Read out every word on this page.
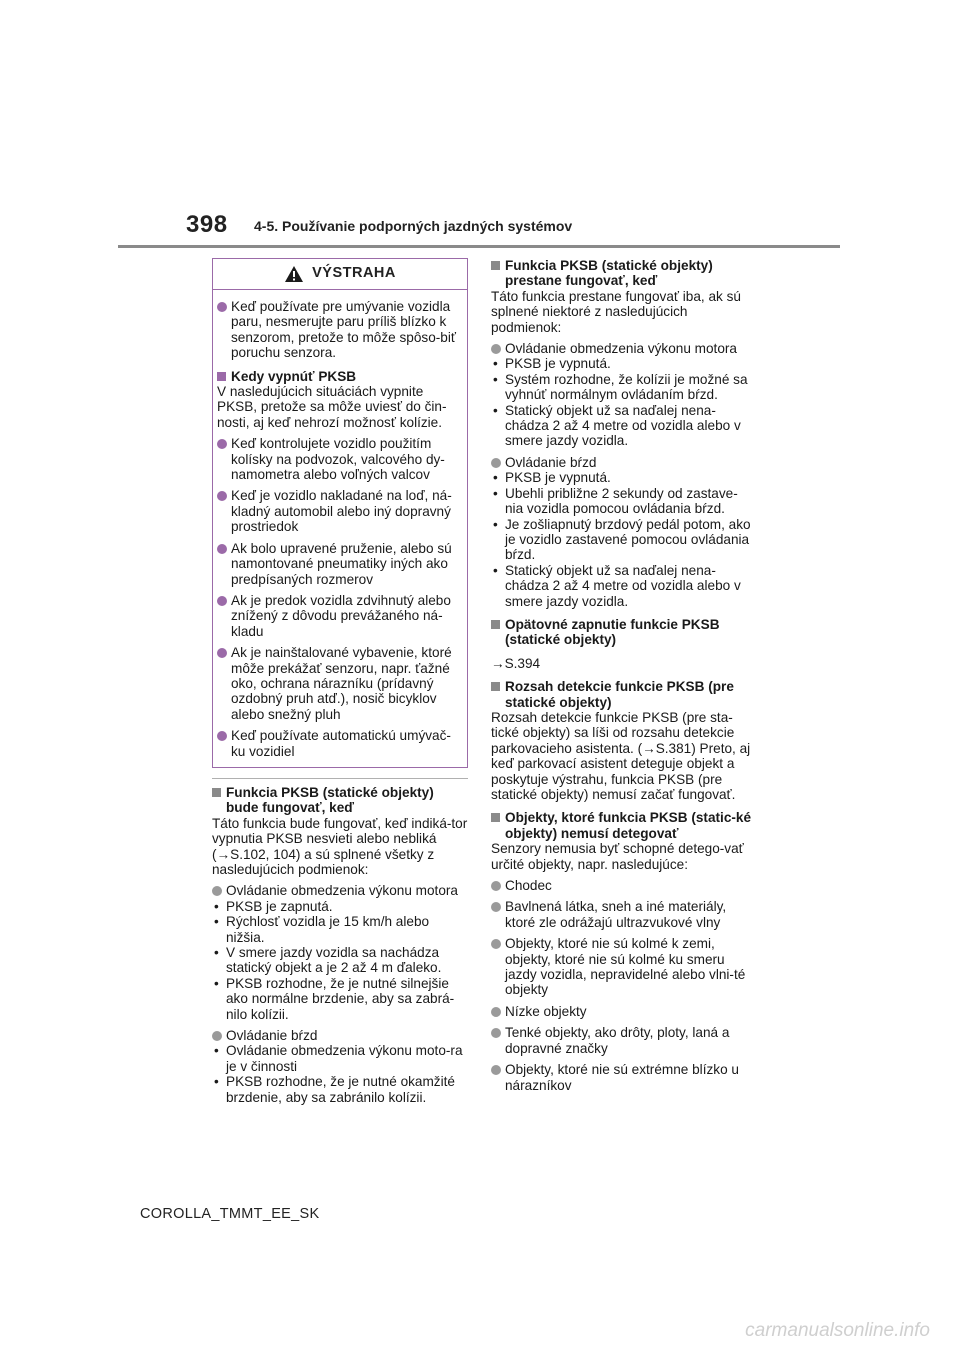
398 4-5. Používanie podporných jazdných systémov
VÝSTRAHA
Keď používate pre umývanie vozidla paru, nesmerujte paru príliš blízko k senzorom, pretože to môže spôso-biť poruchu senzora.
Kedy vypnúť PKSB
V nasledujúcich situáciách vypnite PKSB, pretože sa môže uviesť do čin-nosti, aj keď nehrozí možnosť kolízie.
Keď kontrolujete vozidlo použitím kolísky na podvozok, valcového dy-namometra alebo voľných valcov
Keď je vozidlo nakladané na loď, ná-kladný automobil alebo iný dopravný prostriedok
Ak bolo upravené pruženie, alebo sú namontované pneumatiky iných ako predpísaných rozmerov
Ak je predok vozidla zdvihnutý alebo znížený z dôvodu prevážaného ná-kladu
Ak je nainštalované vybavenie, ktoré môže prekážať senzoru, napr. ťažné oko, ochrana nárazníku (prídavný ozdobný pruh atď.), nosič bicyklov alebo snežný pluh
Keď používate automatickú umývač-ku vozidiel
Funkcia PKSB (statické objekty) bude fungovať, keď
Táto funkcia bude fungovať, keď indiká-tor vypnutia PKSB nesvieti alebo nebliká (→S.102, 104) a sú splnené všetky z nasledujúcich podmienok:
Ovládanie obmedzenia výkonu motora
• PKSB je zapnutá.
• Rýchlosť vozidla je 15 km/h alebo nižšia.
• V smere jazdy vozidla sa nachádza statický objekt a je 2 až 4 m ďaleko.
• PKSB rozhodne, že je nutné silnejšie ako normálne brzdenie, aby sa zabrá-nilo kolízii.
Ovládanie bŕzd
• Ovládanie obmedzenia výkonu moto-ra je v činnosti
• PKSB rozhodne, že je nutné okamžité brzdenie, aby sa zabránilo kolízii.
Funkcia PKSB (statické objekty) prestane fungovať, keď
Táto funkcia prestane fungovať iba, ak sú splnené niektoré z nasledujúcich podmienok:
Ovládanie obmedzenia výkonu motora
• PKSB je vypnutá.
• Systém rozhodne, že kolízii je možné sa vyhnúť normálnym ovládaním bŕzd.
• Statický objekt už sa naďalej nena-chádza 2 až 4 metre od vozidla alebo v smere jazdy vozidla.
Ovládanie bŕzd
• PKSB je vypnutá.
• Ubehli približne 2 sekundy od zastave-nia vozidla pomocou ovládania bŕzd.
• Je zošliapnutý brzdový pedál potom, ako je vozidlo zastavené pomocou ovládania bŕzd.
• Statický objekt už sa naďalej nena-chádza 2 až 4 metre od vozidla alebo v smere jazdy vozidla.
Opätovné zapnutie funkcie PKSB (statické objekty)
→S.394
Rozsah detekcie funkcie PKSB (pre statické objekty)
Rozsah detekcie funkcie PKSB (pre sta-tické objekty) sa líši od rozsahu detekcie parkovacieho asistenta. (→S.381) Preto, aj keď parkovací asistent deteguje objekt a poskytuje výstrahu, funkcia PKSB (pre statické objekty) nemusí začať fungovať.
Objekty, ktoré funkcia PKSB (static-ké objekty) nemusí detegovať
Senzory nemusia byť schopné detego-vať určité objekty, napr. nasledujúce:
Chodec
Bavlnená látka, sneh a iné materiály, ktoré zle odrážajú ultrazvukové vlny
Objekty, ktoré nie sú kolmé k zemi, objekty, ktoré nie sú kolmé ku smeru jazdy vozidla, nepravidelné alebo vlni-té objekty
Nízke objekty
Tenké objekty, ako drôty, ploty, laná a dopravné značky
Objekty, ktoré nie sú extrémne blízko u nárazníkov
COROLLA_TMMT_EE_SK
carmanualsonline.info
